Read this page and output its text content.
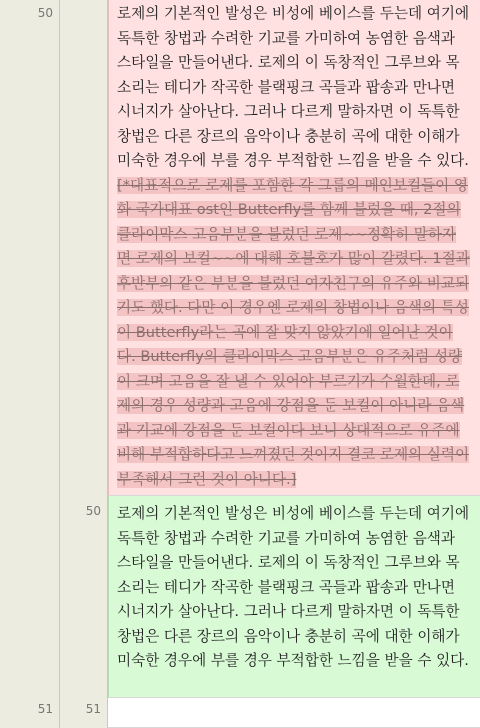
50	로제의 기본적인 발성은 비성에 베이스를 두는데 여기에 독특한 창법과 수려한 기교를 가미하여 농염한 음색과 스타일을 만들어낸다. 로제의 이 독창적인 그루브와 목소리는 테디가 작곡한 블랙핑크 곡들과 팝송과 만나면 시너지가 살아난다. 그러나 다르게 말하자면 이 독특한 창법은 다른 장르의 음악이나 충분히 곡에 대한 이해가 미숙한 경우에 부를 경우 부적합한 느낌을 받을 수 있다.[*대표적으로 로제를 포함한 각 그룹의 메인보컬들이 영화 국가대표 ost인 Butterfly를 함께 불렀을 때, 2절의 클라이막스 고음부분을 불렀던 로제~~정확히 말하자면 로제의 보컬~~에 대해 호불호가 많이 갈렸다. 1절과 후반부의 같은 부분을 불렀던 여자친구의 유주와 비교되기도 했다. 다만 이 경우엔 로제의 창법이나 음색의 특성이 Butterfly라는 곡에 잘 맞지 않았기에 일어난 것이다. Butterfly의 클라이막스 고음부분은 유주처럼 성량이 크며 고음을 잘 낼 수 있어야 부르기가 수월한데, 로제의 경우 성량과 고음에 강점을 둔 보컬이 아니라 음색과 기교에 강점을 둔 보컬이다 보니 상대적으로 유주에 비해 부적합하다고 느껴졌던 것이지 결코 로제의 실력이 부족해서 그런 것이 아니다.]
50	로제의 기본적인 발성은 비성에 베이스를 두는데 여기에 독특한 창법과 수려한 기교를 가미하여 농염한 음색과 스타일을 만들어낸다. 로제의 이 독창적인 그루브와 목소리는 테디가 작곡한 블랙핑크 곡들과 팝송과 만나면 시너지가 살아난다. 그러나 다르게 말하자면 이 독특한 창법은 다른 장르의 음악이나 충분히 곡에 대한 이해가 미숙한 경우에 부를 경우 부적합한 느낌을 받을 수 있다.
51	51
